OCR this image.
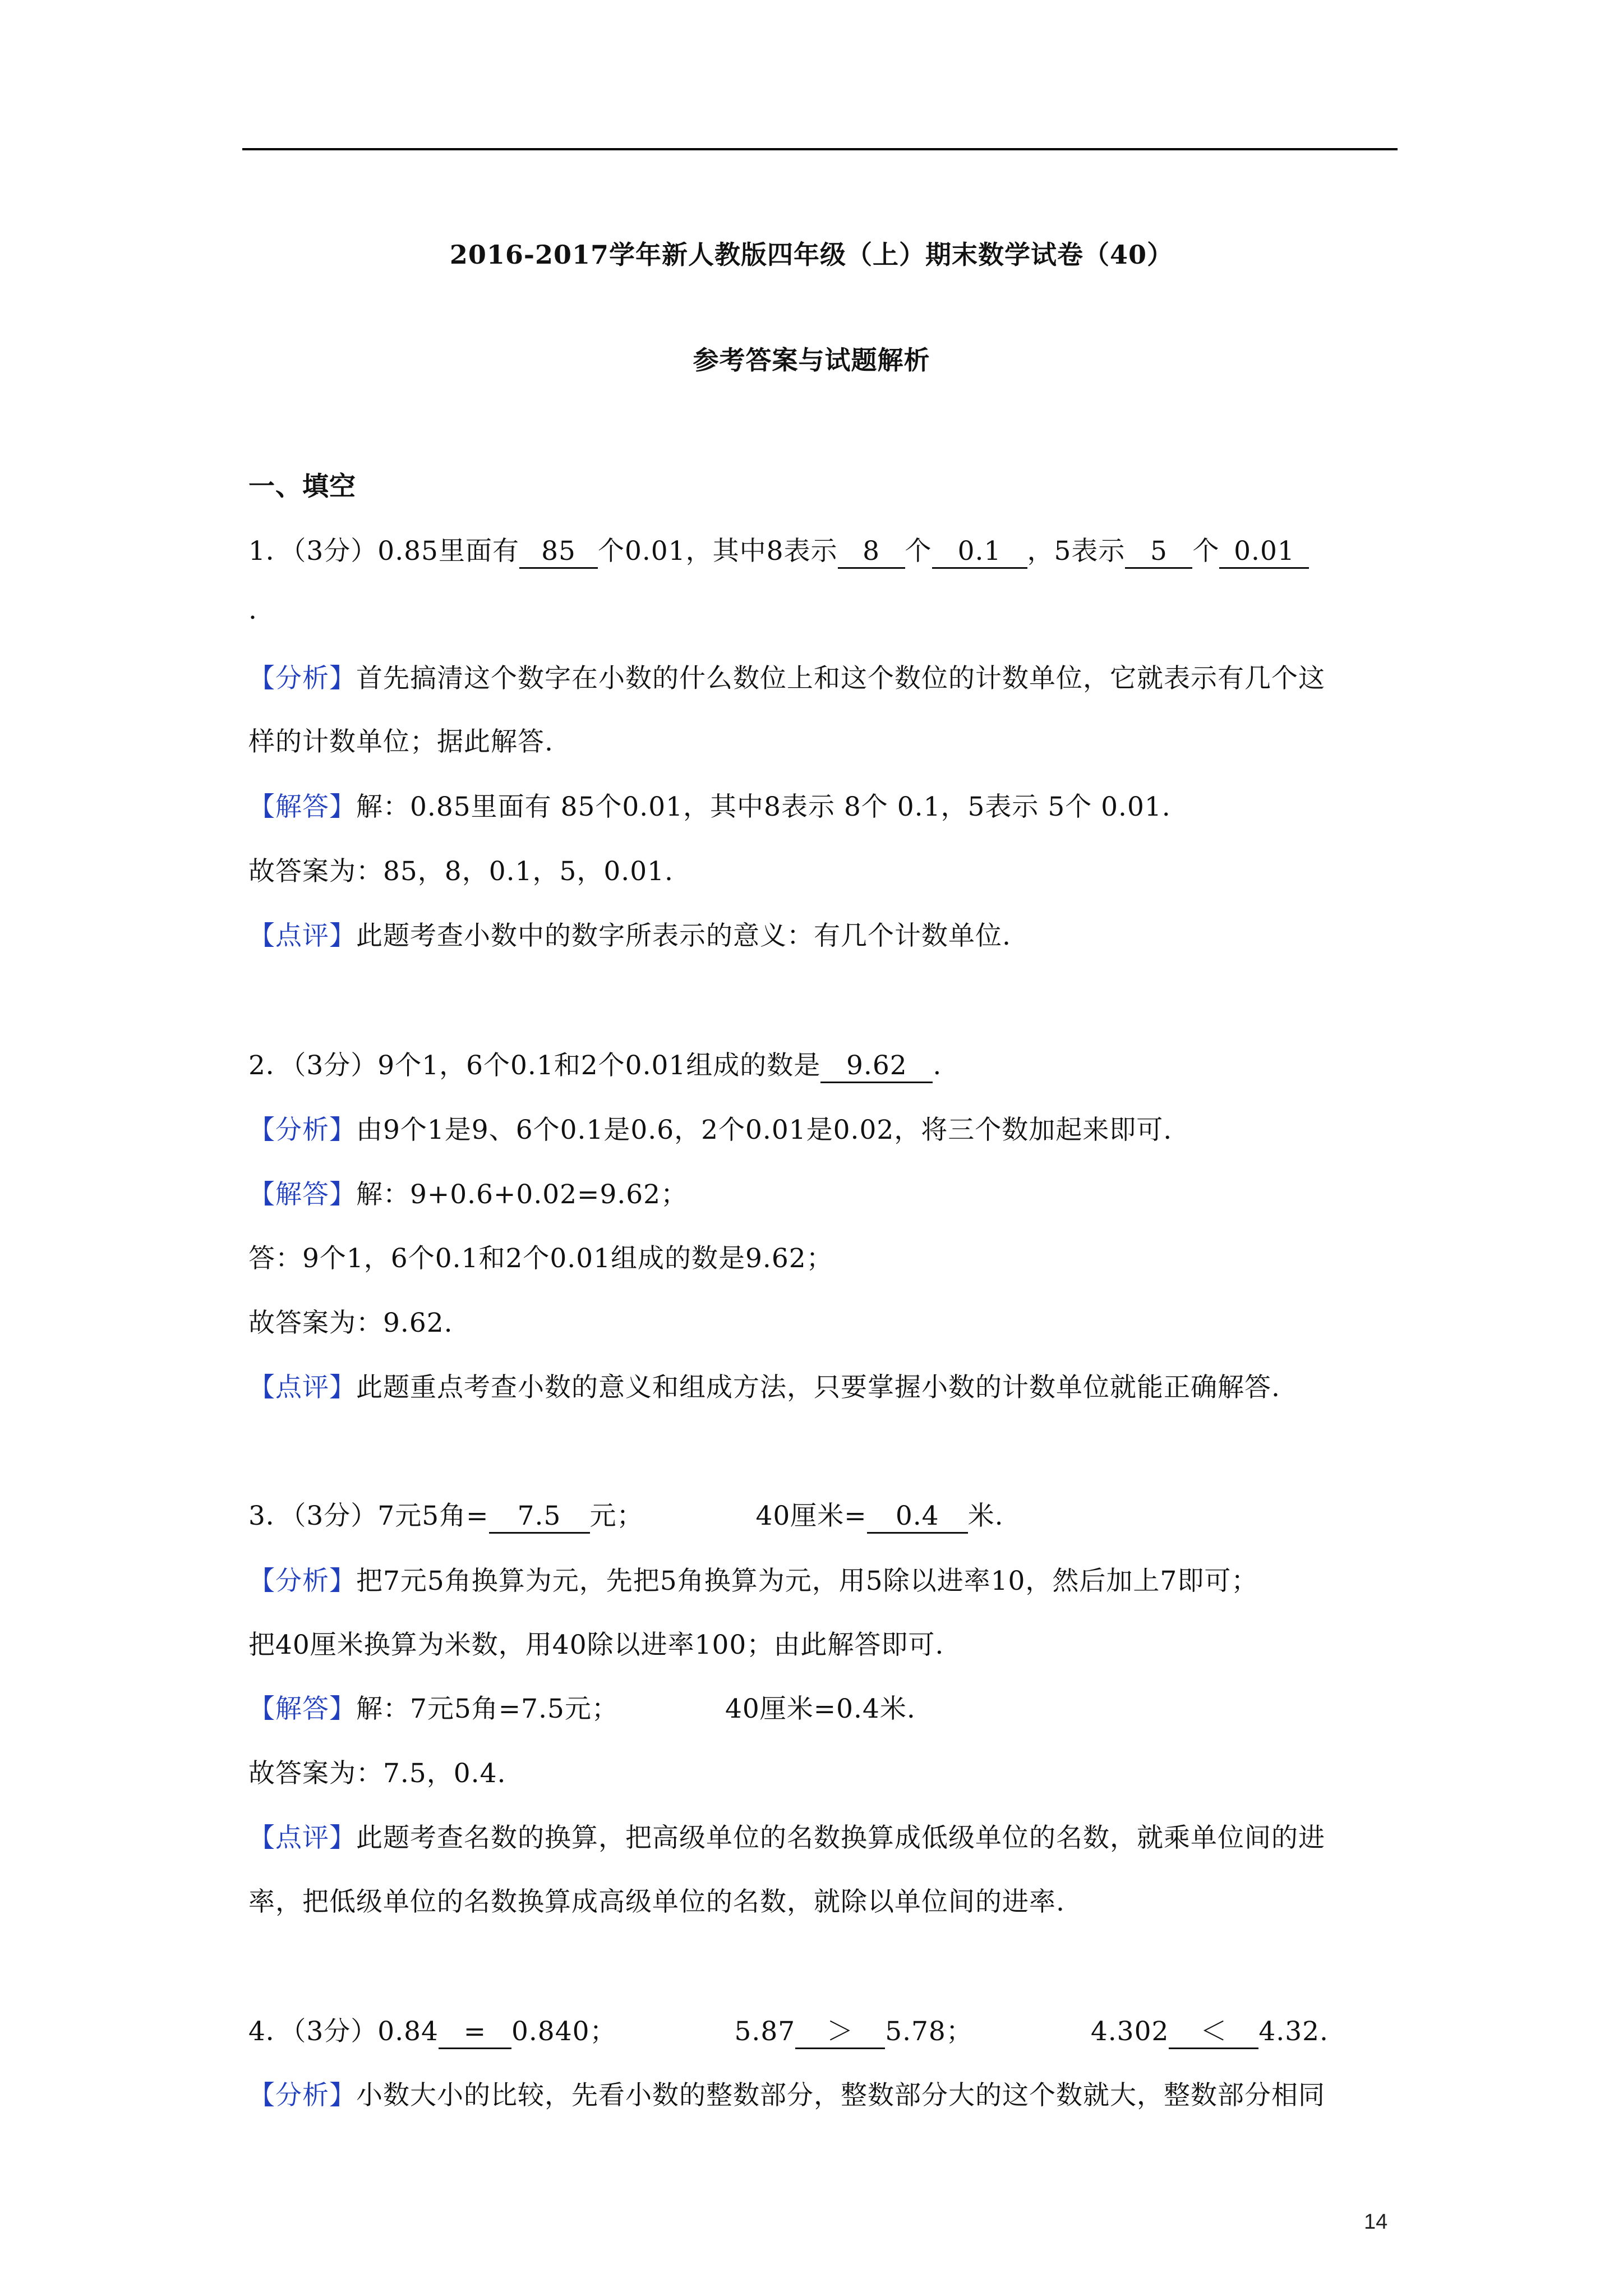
2016-2017学年新人教版四年级（上）期末数学试卷（40）
参考答案与试题解析
一、填空
1．（3分）0.85里面有 85 个0.01，其中8表示 8 个 0.1 ，5表示 5 个 0.01
.
【分析】首先搞清这个数字在小数的什么数位上和这个数位的计数单位，它就表示有几个这
样的计数单位；据此解答.
【解答】解：0.85里面有 85个0.01，其中8表示 8个 0.1，5表示 5个 0.01.
故答案为：85，8，0.1，5，0.01.
【点评】此题考查小数中的数字所表示的意义：有几个计数单位.
2．（3分）9个1，6个0.1和2个0.01组成的数是 9.62 .
【分析】由9个1是9、6个0.1是0.6，2个0.01是0.02，将三个数加起来即可.
【解答】解：9+0.6+0.02=9.62；
答：9个1，6个0.1和2个0.01组成的数是9.62；
故答案为：9.62.
【点评】此题重点考查小数的意义和组成方法，只要掌握小数的计数单位就能正确解答.
3．（3分）7元5角= 7.5 元；	40厘米= 0.4 米.
【分析】把7元5角换算为元，先把5角换算为元，用5除以进率10，然后加上7即可；
把40厘米换算为米数，用40除以进率100；由此解答即可.
【解答】解：7元5角=7.5元；	40厘米=0.4米.
故答案为：7.5，0.4.
【点评】此题考查名数的换算，把高级单位的名数换算成低级单位的名数，就乘单位间的进
率，把低级单位的名数换算成高级单位的名数，就除以单位间的进率.
4．（3分）0.84 = 0.840；	5.87 ＞ 5.78；	4.302 ＜ 4.32.
【分析】小数大小的比较，先看小数的整数部分，整数部分大的这个数就大，整数部分相同
14
